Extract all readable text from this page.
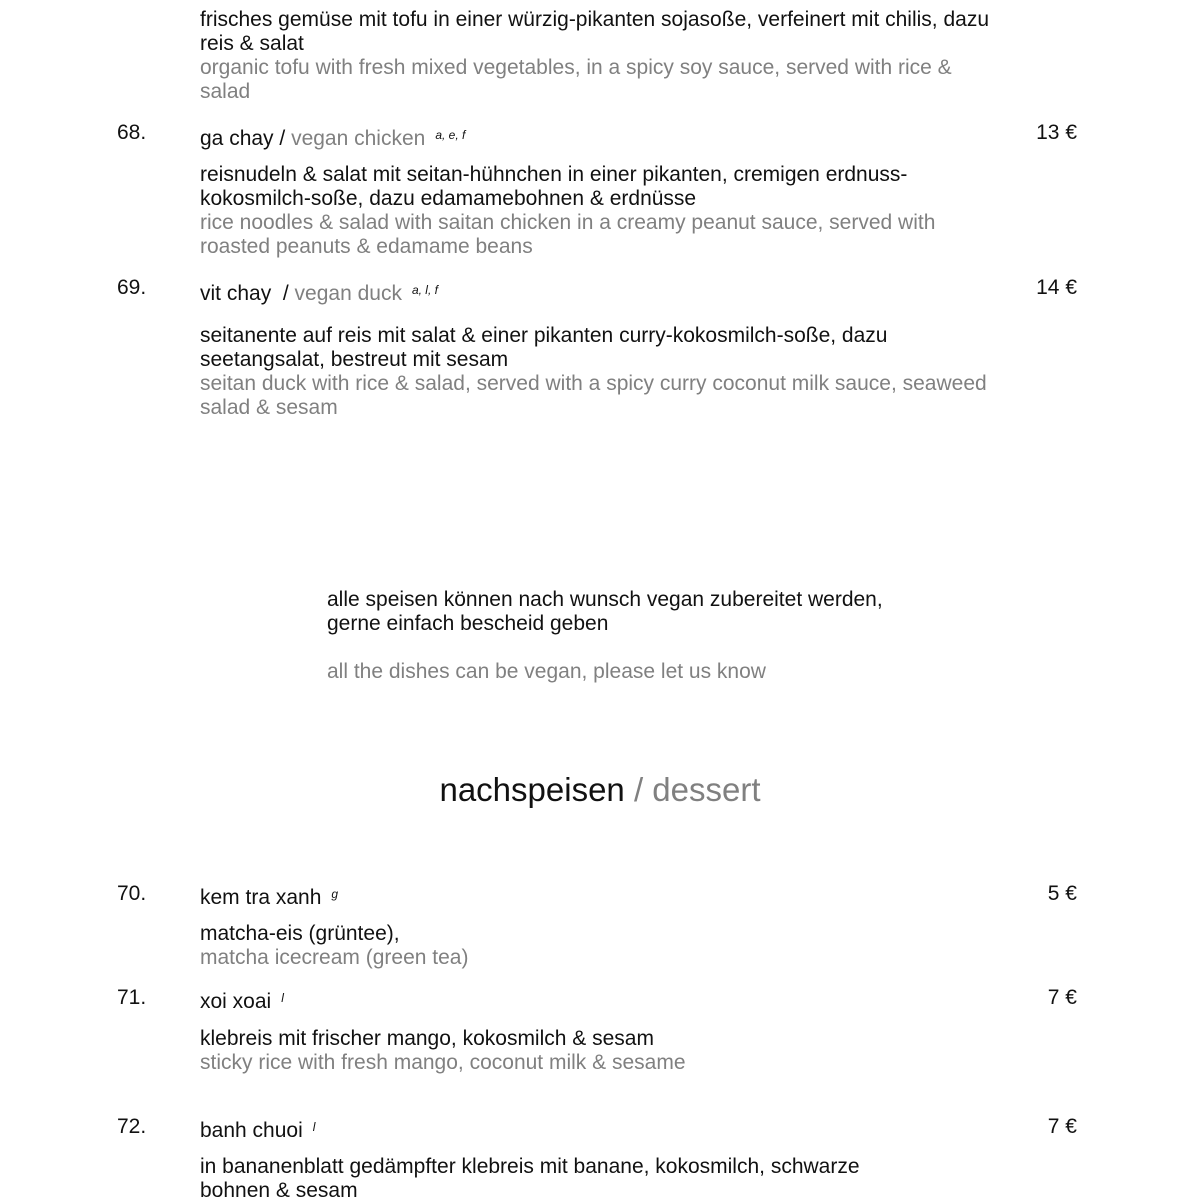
frisches gemüse mit tofu in einer würzig-pikanten sojasoße, verfeinert mit chilis, dazu reis & salat
organic tofu with fresh mixed vegetables, in a spicy soy sauce, served with rice & salad
68.	ga chay / vegan chicken $^{a, e, f}$	13 €
reisnudeln & salat mit seitan-hühnchen in einer pikanten, cremigen erdnuss-kokosmilch-soße, dazu edamamebohnen & erdnüsse
rice noodles & salad with saitan chicken in a creamy peanut sauce, served with roasted peanuts & edamame beans
69.	vit chay  / vegan duck $^{a, l, f}$	14 €
seitanente auf reis mit salat & einer pikanten curry-kokosmilch-soße, dazu seetangsalat, bestreut mit sesam
seitan duck with rice & salad, served with a spicy curry coconut milk sauce, seaweed salad & sesam
alle speisen können nach wunsch vegan zubereitet werden, gerne einfach bescheid geben
all the dishes can be vegan, please let us know
nachspeisen / dessert
70.	kem tra xanh $^g$	5 €
matcha-eis (grüntee),
matcha icecream (green tea)
71.	xoi xoai $^l$	7 €
klebreis mit frischer mango, kokosmilch & sesam
sticky rice with fresh mango, coconut milk & sesame
72.	banh chuoi $^l$	7 €
in bananenblatt gedämpfter klebreis mit banane, kokosmilch, schwarze bohnen & sesam
